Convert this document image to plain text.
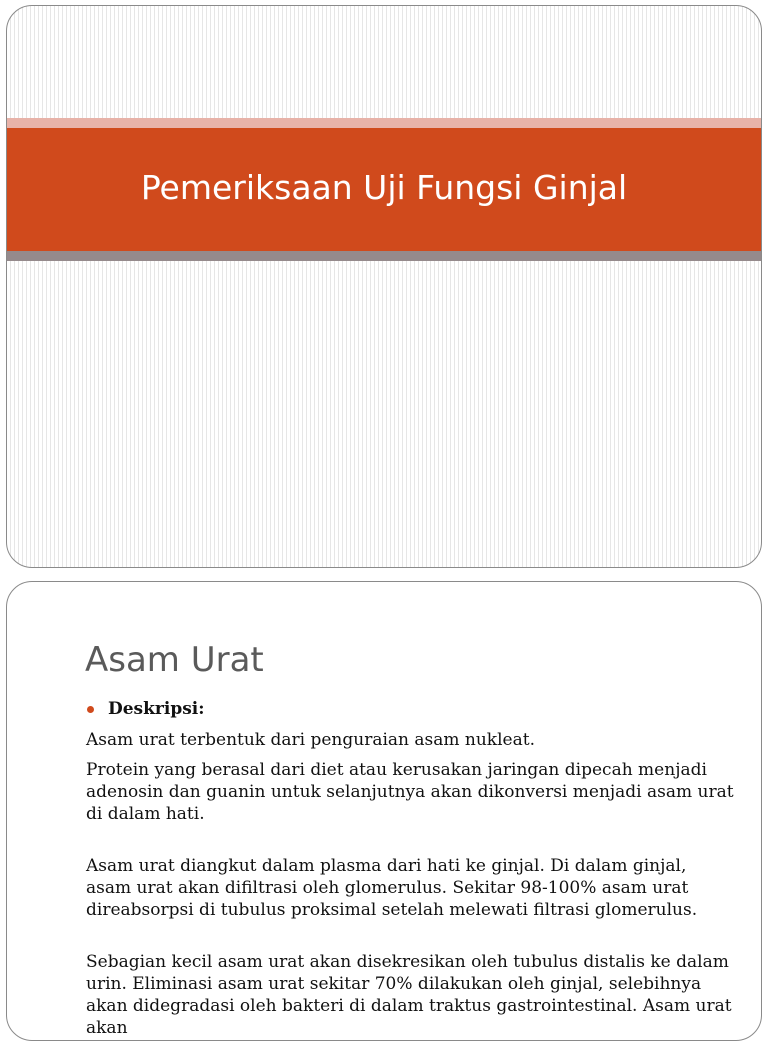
Pemeriksaan Uji Fungsi Ginjal
Asam Urat
Deskripsi:

Asam urat terbentuk dari penguraian asam nukleat.

Protein yang berasal dari diet atau kerusakan jaringan dipecah menjadi adenosin dan guanin untuk selanjutnya akan dikonversi menjadi asam urat di dalam hati.

Asam urat diangkut dalam plasma dari hati ke ginjal. Di dalam ginjal, asam urat akan difiltrasi oleh glomerulus. Sekitar 98-100% asam urat direabsorpsi di tubulus proksimal setelah melewati filtrasi glomerulus.

Sebagian kecil asam urat akan disekresikan oleh tubulus distalis ke dalam urin. Eliminasi asam urat sekitar 70% dilakukan oleh ginjal, selebihnya akan didegradasi oleh bakteri di dalam traktus gastrointestinal. Asam urat akan
